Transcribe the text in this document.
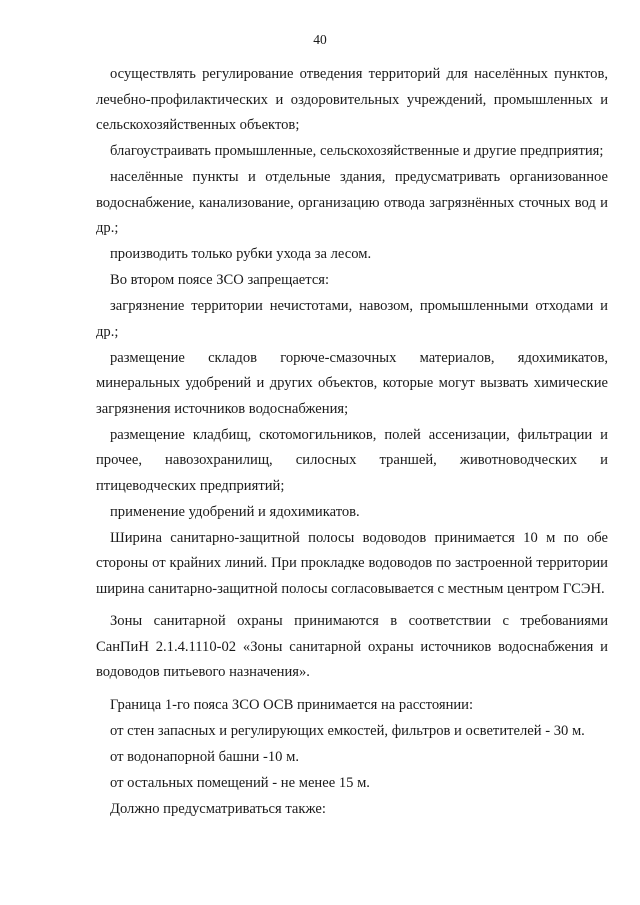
40

осуществлять регулирование отведения территорий для населённых пунктов, лечебно-профилактических и оздоровительных учреждений, промышленных и сельскохозяйственных объектов;

благоустраивать промышленные, сельскохозяйственные и другие предприятия;

населённые пункты и отдельные здания, предусматривать организованное водоснабжение, канализование, организацию отвода загрязнённых сточных вод и др.;

производить только рубки ухода за лесом.

Во втором поясе ЗСО запрещается:

загрязнение территории нечистотами, навозом, промышленными отходами и др.;

размещение складов горюче-смазочных материалов, ядохимикатов, минеральных удобрений и других объектов, которые могут вызвать химические загрязнения источников водоснабжения;

размещение кладбищ, скотомогильников, полей ассенизации, фильтрации и прочее, навозохранилищ, силосных траншей, животноводческих и птицеводческих предприятий;

применение удобрений и ядохимикатов.

Ширина санитарно-защитной полосы водоводов принимается 10 м по обе стороны от крайних линий. При прокладке водоводов по застроенной территории ширина санитарно-защитной полосы согласовывается с местным центром ГСЭН.

Зоны санитарной охраны принимаются в соответствии с требованиями СанПиН 2.1.4.1110-02 «Зоны санитарной охраны источников водоснабжения и водоводов питьевого назначения».

Граница 1-го пояса ЗСО ОСВ принимается на расстоянии:

от стен запасных и регулирующих емкостей, фильтров и осветителей - 30 м.

от водонапорной башни -10 м.

от остальных помещений - не менее 15 м.

Должно предусматриваться также:
